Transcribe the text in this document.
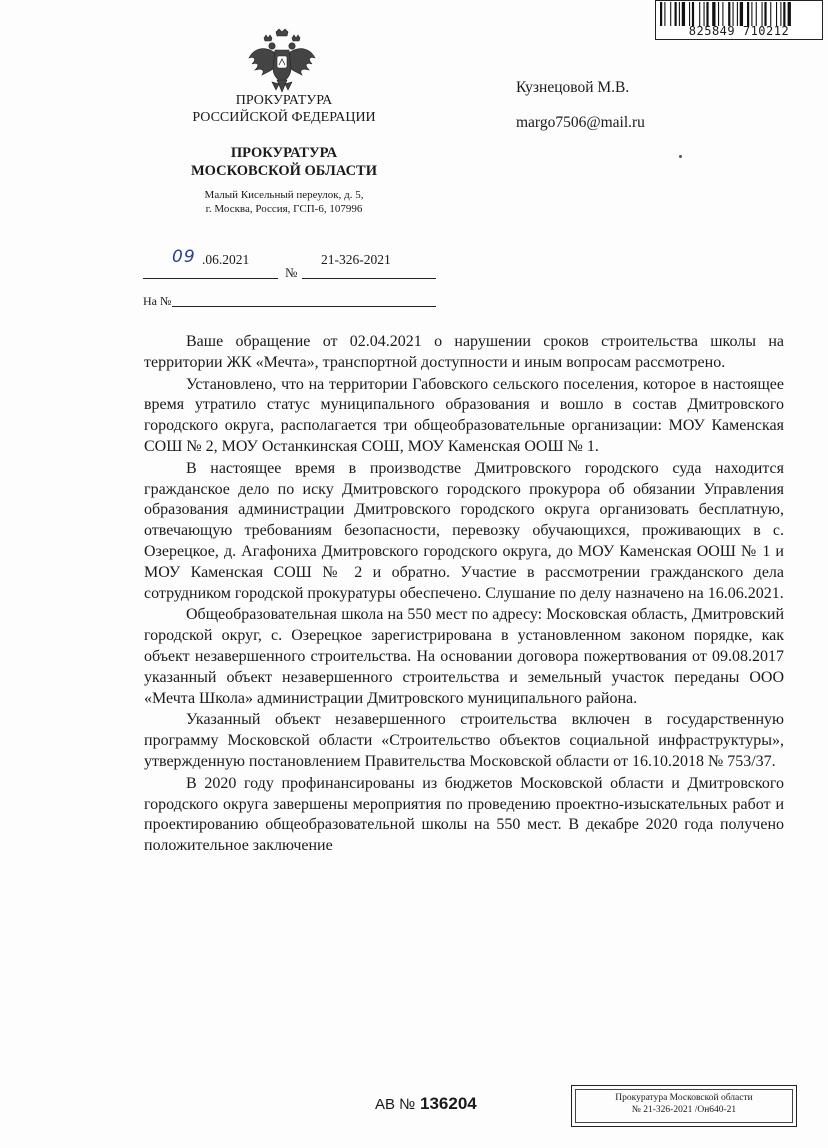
825849 710212
ПРОКУРАТУРА
РОССИЙСКОЙ ФЕДЕРАЦИИ
ПРОКУРАТУРА
МОСКОВСКОЙ ОБЛАСТИ
Малый Кисельный переулок, д. 5,
г. Москва, Россия, ГСП-6, 107996
Кузнецовой М.В.
margo7506@mail.ru
09 .06.2021
№
21-326-2021
На №

Ваше обращение от 02.04.2021 о нарушении сроков строительства школы на территории ЖК «Мечта», транспортной доступности и иным вопросам рассмотрено.

Установлено, что на территории Габовского сельского поселения, которое в настоящее время утратило статус муниципального образования и вошло в состав Дмитровского городского округа, располагается три общеобразовательные организации: МОУ Каменская СОШ № 2, МОУ Останкинская СОШ, МОУ Каменская ООШ № 1.

В настоящее время в производстве Дмитровского городского суда находится гражданское дело по иску Дмитровского городского прокурора об обязании Управления образования администрации Дмитровского городского округа организовать бесплатную, отвечающую требованиям безопасности, перевозку обучающихся, проживающих в с. Озерецкое, д. Агафониха Дмитровского городского округа, до МОУ Каменская ООШ № 1 и МОУ Каменская СОШ № 2 и обратно. Участие в рассмотрении гражданского дела сотрудником городской прокуратуры обеспечено. Слушание по делу назначено на 16.06.2021.

Общеобразовательная школа на 550 мест по адресу: Московская область, Дмитровский городской округ, с. Озерецкое зарегистрирована в установленном законом порядке, как объект незавершенного строительства. На основании договора пожертвования от 09.08.2017 указанный объект незавершенного строительства и земельный участок переданы ООО «Мечта Школа» администрации Дмитровского муниципального района.

Указанный объект незавершенного строительства включен в государственную программу Московской области «Строительство объектов социальной инфраструктуры», утвержденную постановлением Правительства Московской области от 16.10.2018 № 753/37.

В 2020 году профинансированы из бюджетов Московской области и Дмитровского городского округа завершены мероприятия по проведению проектно-изыскательных работ и проектированию общеобразовательной школы на 550 мест. В декабре 2020 года получено положительное заключение

АВ № 136204	Прокуратура Московской области
№ 21-326-2021 /Он640-21
